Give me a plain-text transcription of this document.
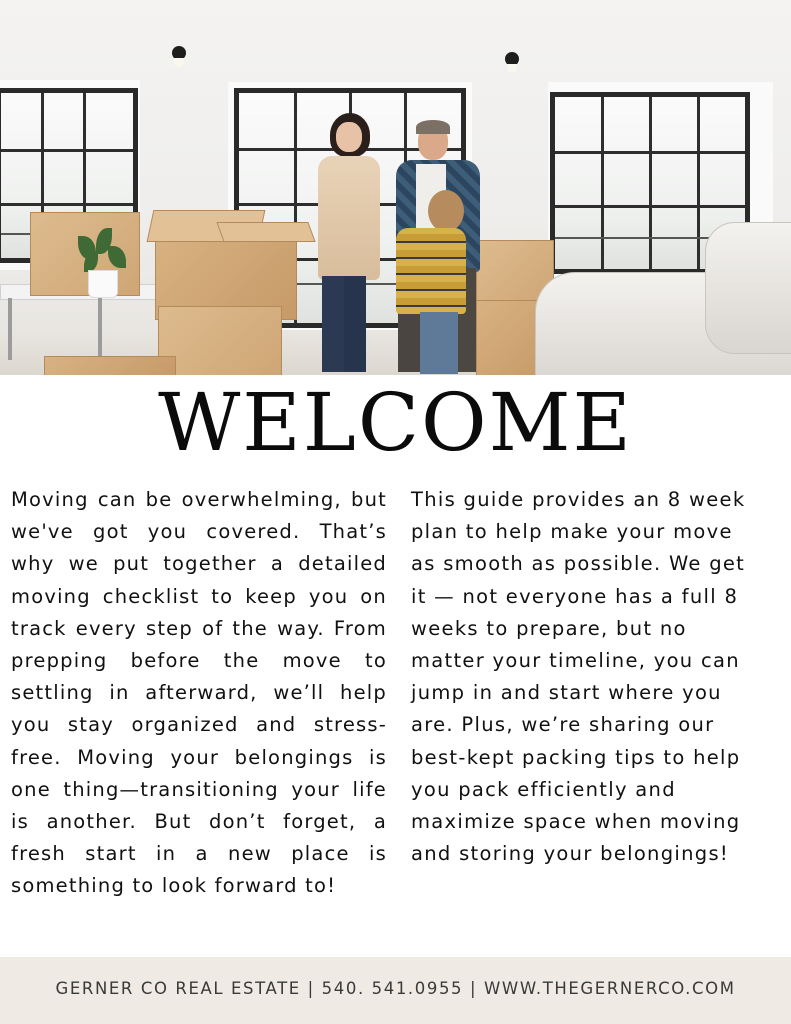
WELCOME

Moving can be overwhelming, but we've got you covered. That’s why we put together a detailed moving checklist to keep you on track every step of the way. From prepping before the move to settling in afterward, we’ll help you stay organized and stress-free. Moving your belongings is one thing—transitioning your life is another. But don’t forget, a fresh start in a new place is something to look forward to!

This guide provides an 8 week
plan to help make your move
as smooth as possible. We get
it — not everyone has a full 8
weeks to prepare, but no
matter your timeline, you can
jump in and start where you
are. Plus, we’re sharing our
best-kept packing tips to help
you pack efficiently and
maximize space when moving
and storing your belongings!
GERNER CO REAL ESTATE | 540. 541.0955 | WWW.THEGERNERCO.COM
